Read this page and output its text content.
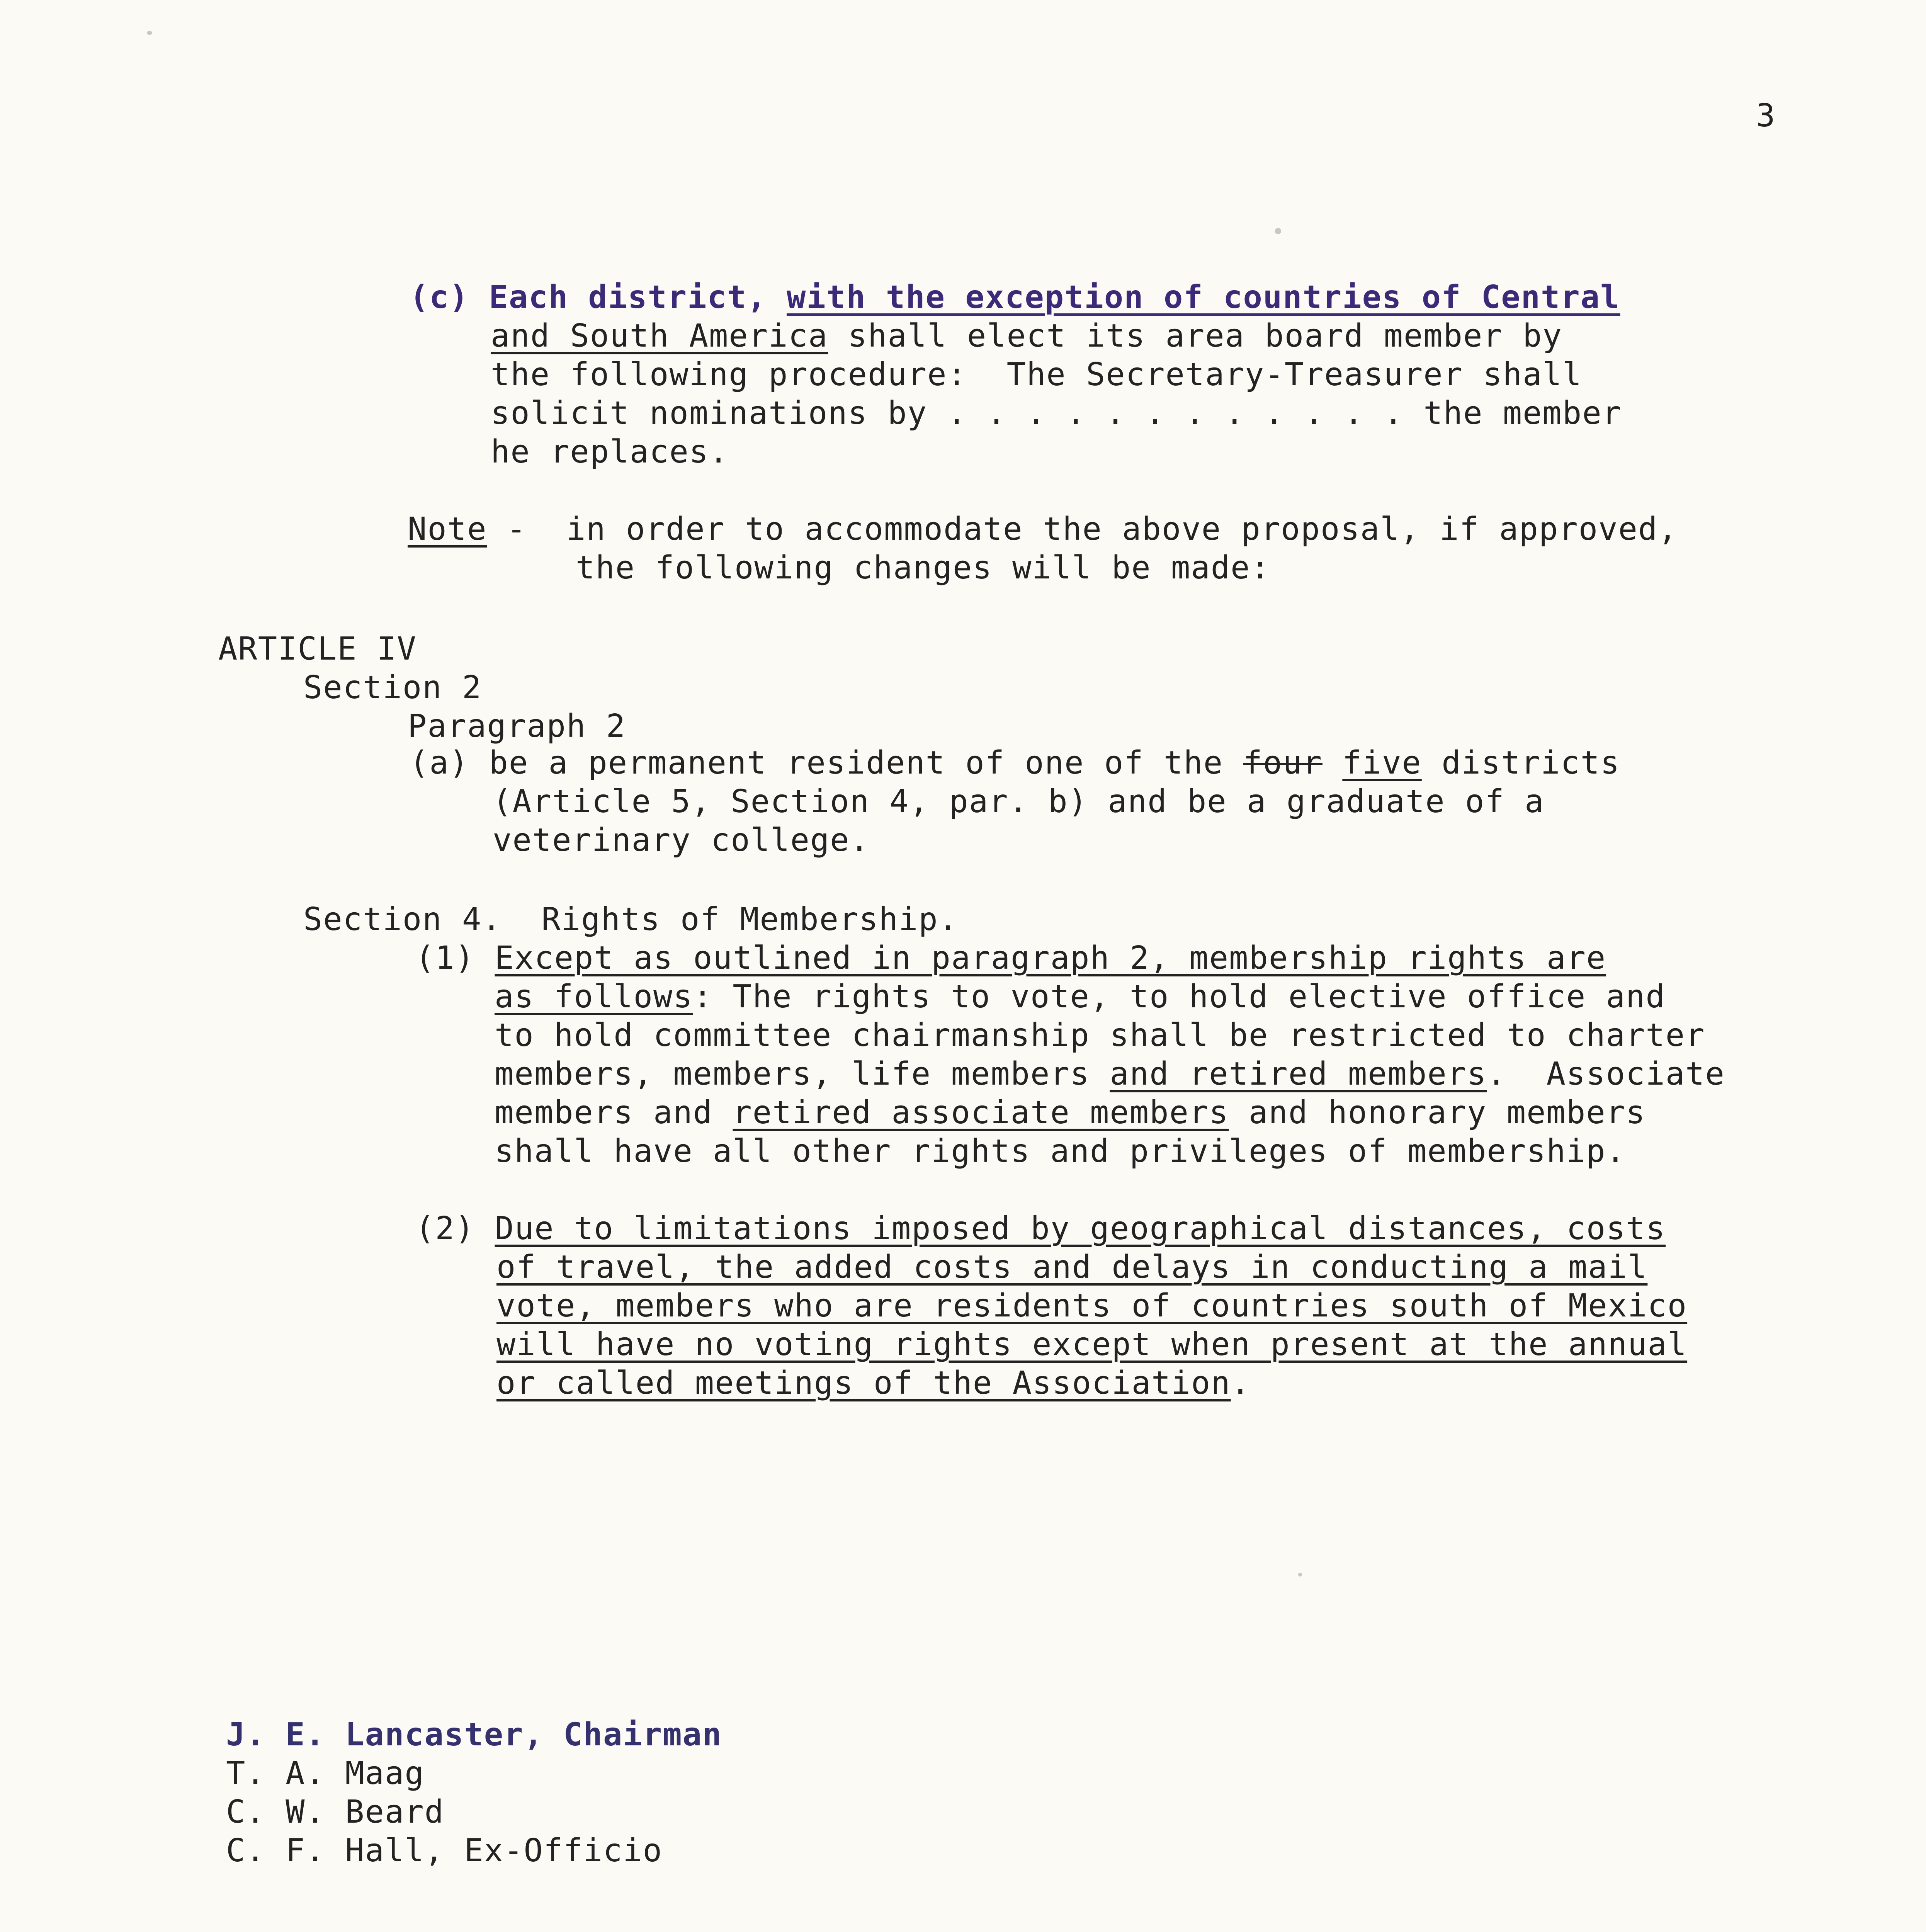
3
(c) Each district, with the exception of countries of Central
and South America shall elect its area board member by
the following procedure:  The Secretary-Treasurer shall
solicit nominations by . . . . . . . . . . . . the member
he replaces.
Note - in order to accommodate the above proposal, if approved,
the following changes will be made:
ARTICLE IV
Section 2
Paragraph 2
(a) be a permanent resident of one of the four five districts
(Article 5, Section 4, par. b) and be a graduate of a
veterinary college.
Section 4.  Rights of Membership.
(1) Except as outlined in paragraph 2, membership rights are
as follows: The rights to vote, to hold elective office and
to hold committee chairmanship shall be restricted to charter
members, members, life members and retired members.  Associate
members and retired associate members and honorary members
shall have all other rights and privileges of membership.
(2) Due to limitations imposed by geographical distances, costs
of travel, the added costs and delays in conducting a mail
vote, members who are residents of countries south of Mexico
will have no voting rights except when present at the annual
or called meetings of the Association.
J. E. Lancaster, Chairman
T. A. Maag
C. W. Beard
C. F. Hall, Ex-Officio
